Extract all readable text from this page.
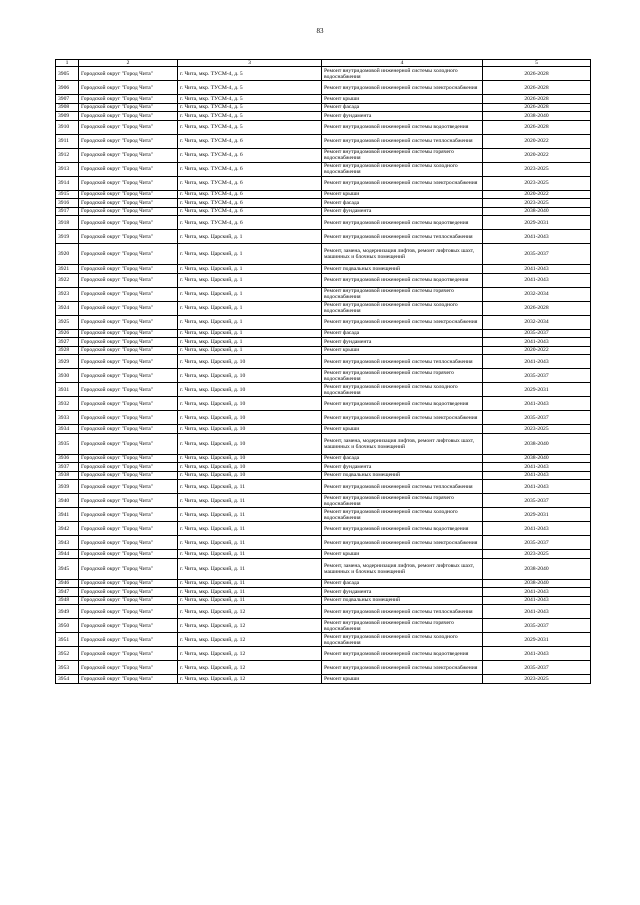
83
1	2	3	4	5
3905	Городской округ "Город Чита"	г. Чита, мкр. ТУСМ-4, д. 5	Ремонт внутридомовой инженерной системы холодного водоснабжения	2026-2028
3906	Городской округ "Город Чита"	г. Чита, мкр. ТУСМ-4, д. 5	Ремонт внутридомовой инженерной системы электроснабжения	2026-2028
3907	Городской округ "Город Чита"	г. Чита, мкр. ТУСМ-4, д. 5	Ремонт крыши	2026-2028
3908	Городской округ "Город Чита"	г. Чита, мкр. ТУСМ-4, д. 5	Ремонт фасада	2026-2028
3909	Городской округ "Город Чита"	г. Чита, мкр. ТУСМ-4, д. 5	Ремонт фундамента	2038-2040
3910	Городской округ "Город Чита"	г. Чита, мкр. ТУСМ-4, д. 5	Ремонт внутридомовой инженерной системы водоотведения	2026-2028
3911	Городской округ "Город Чита"	г. Чита, мкр. ТУСМ-4, д. 6	Ремонт внутридомовой инженерной системы теплоснабжения	2020-2022
3912	Городской округ "Город Чита"	г. Чита, мкр. ТУСМ-4, д. 6	Ремонт внутридомовой инженерной системы горячего водоснабжения	2020-2022
3913	Городской округ "Город Чита"	г. Чита, мкр. ТУСМ-4, д. 6	Ремонт внутридомовой инженерной системы холодного водоснабжения	2023-2025
3914	Городской округ "Город Чита"	г. Чита, мкр. ТУСМ-4, д. 6	Ремонт внутридомовой инженерной системы электроснабжения	2023-2025
3915	Городской округ "Город Чита"	г. Чита, мкр. ТУСМ-4, д. 6	Ремонт крыши	2020-2022
3916	Городской округ "Город Чита"	г. Чита, мкр. ТУСМ-4, д. 6	Ремонт фасада	2023-2025
3917	Городской округ "Город Чита"	г. Чита, мкр. ТУСМ-4, д. 6	Ремонт фундамента	2038-2040
3918	Городской округ "Город Чита"	г. Чита, мкр. ТУСМ-4, д. 6	Ремонт внутридомовой инженерной системы водоотведения	2029-2031
3919	Городской округ "Город Чита"	г. Чита, мкр. Царский, д. 1	Ремонт внутридомовой инженерной системы теплоснабжения	2041-2043
3920	Городской округ "Город Чита"	г. Чита, мкр. Царский, д. 1	Ремонт, замена, модернизация лифтов, ремонт лифтовых шахт, машинных и блочных помещений	2035-2037
3921	Городской округ "Город Чита"	г. Чита, мкр. Царский, д. 1	Ремонт подвальных помещений	2041-2043
3922	Городской округ "Город Чита"	г. Чита, мкр. Царский, д. 1	Ремонт внутридомовой инженерной системы водоотведения	2041-2043
3923	Городской округ "Город Чита"	г. Чита, мкр. Царский, д. 1	Ремонт внутридомовой инженерной системы горячего водоснабжения	2032-2034
3924	Городской округ "Город Чита"	г. Чита, мкр. Царский, д. 1	Ремонт внутридомовой инженерной системы холодного водоснабжения	2026-2028
3925	Городской округ "Город Чита"	г. Чита, мкр. Царский, д. 1	Ремонт внутридомовой инженерной системы электроснабжения	2032-2034
3926	Городской округ "Город Чита"	г. Чита, мкр. Царский, д. 1	Ремонт фасада	2035-2037
3927	Городской округ "Город Чита"	г. Чита, мкр. Царский, д. 1	Ремонт фундамента	2041-2043
3928	Городской округ "Город Чита"	г. Чита, мкр. Царский, д. 1	Ремонт крыши	2020-2022
3929	Городской округ "Город Чита"	г. Чита, мкр. Царский, д. 10	Ремонт внутридомовой инженерной системы теплоснабжения	2041-2043
3930	Городской округ "Город Чита"	г. Чита, мкр. Царский, д. 10	Ремонт внутридомовой инженерной системы горячего водоснабжения	2035-2037
3931	Городской округ "Город Чита"	г. Чита, мкр. Царский, д. 10	Ремонт внутридомовой инженерной системы холодного водоснабжения	2029-2031
3932	Городской округ "Город Чита"	г. Чита, мкр. Царский, д. 10	Ремонт внутридомовой инженерной системы водоотведения	2041-2043
3933	Городской округ "Город Чита"	г. Чита, мкр. Царский, д. 10	Ремонт внутридомовой инженерной системы электроснабжения	2035-2037
3934	Городской округ "Город Чита"	г. Чита, мкр. Царский, д. 10	Ремонт крыши	2023-2025
3935	Городской округ "Город Чита"	г. Чита, мкр. Царский, д. 10	Ремонт, замена, модернизация лифтов, ремонт лифтовых шахт, машинных и блочных помещений	2038-2040
3936	Городской округ "Город Чита"	г. Чита, мкр. Царский, д. 10	Ремонт фасада	2038-2040
3937	Городской округ "Город Чита"	г. Чита, мкр. Царский, д. 10	Ремонт фундамента	2041-2043
3938	Городской округ "Город Чита"	г. Чита, мкр. Царский, д. 10	Ремонт подвальных помещений	2041-2043
3939	Городской округ "Город Чита"	г. Чита, мкр. Царский, д. 11	Ремонт внутридомовой инженерной системы теплоснабжения	2041-2043
3940	Городской округ "Город Чита"	г. Чита, мкр. Царский, д. 11	Ремонт внутридомовой инженерной системы горячего водоснабжения	2035-2037
3941	Городской округ "Город Чита"	г. Чита, мкр. Царский, д. 11	Ремонт внутридомовой инженерной системы холодного водоснабжения	2029-2031
3942	Городской округ "Город Чита"	г. Чита, мкр. Царский, д. 11	Ремонт внутридомовой инженерной системы водоотведения	2041-2043
3943	Городской округ "Город Чита"	г. Чита, мкр. Царский, д. 11	Ремонт внутридомовой инженерной системы электроснабжения	2035-2037
3944	Городской округ "Город Чита"	г. Чита, мкр. Царский, д. 11	Ремонт крыши	2023-2025
3945	Городской округ "Город Чита"	г. Чита, мкр. Царский, д. 11	Ремонт, замена, модернизация лифтов, ремонт лифтовых шахт, машинных и блочных помещений	2038-2040
3946	Городской округ "Город Чита"	г. Чита, мкр. Царский, д. 11	Ремонт фасада	2038-2040
3947	Городской округ "Город Чита"	г. Чита, мкр. Царский, д. 11	Ремонт фундамента	2041-2043
3948	Городской округ "Город Чита"	г. Чита, мкр. Царский, д. 11	Ремонт подвальных помещений	2041-2043
3949	Городской округ "Город Чита"	г. Чита, мкр. Царский, д. 12	Ремонт внутридомовой инженерной системы теплоснабжения	2041-2043
3950	Городской округ "Город Чита"	г. Чита, мкр. Царский, д. 12	Ремонт внутридомовой инженерной системы горячего водоснабжения	2035-2037
3951	Городской округ "Город Чита"	г. Чита, мкр. Царский, д. 12	Ремонт внутридомовой инженерной системы холодного водоснабжения	2029-2031
3952	Городской округ "Город Чита"	г. Чита, мкр. Царский, д. 12	Ремонт внутридомовой инженерной системы водоотведения	2041-2043
3953	Городской округ "Город Чита"	г. Чита, мкр. Царский, д. 12	Ремонт внутридомовой инженерной системы электроснабжения	2035-2037
3954	Городской округ "Город Чита"	г. Чита, мкр. Царский, д. 12	Ремонт крыши	2023-2025
